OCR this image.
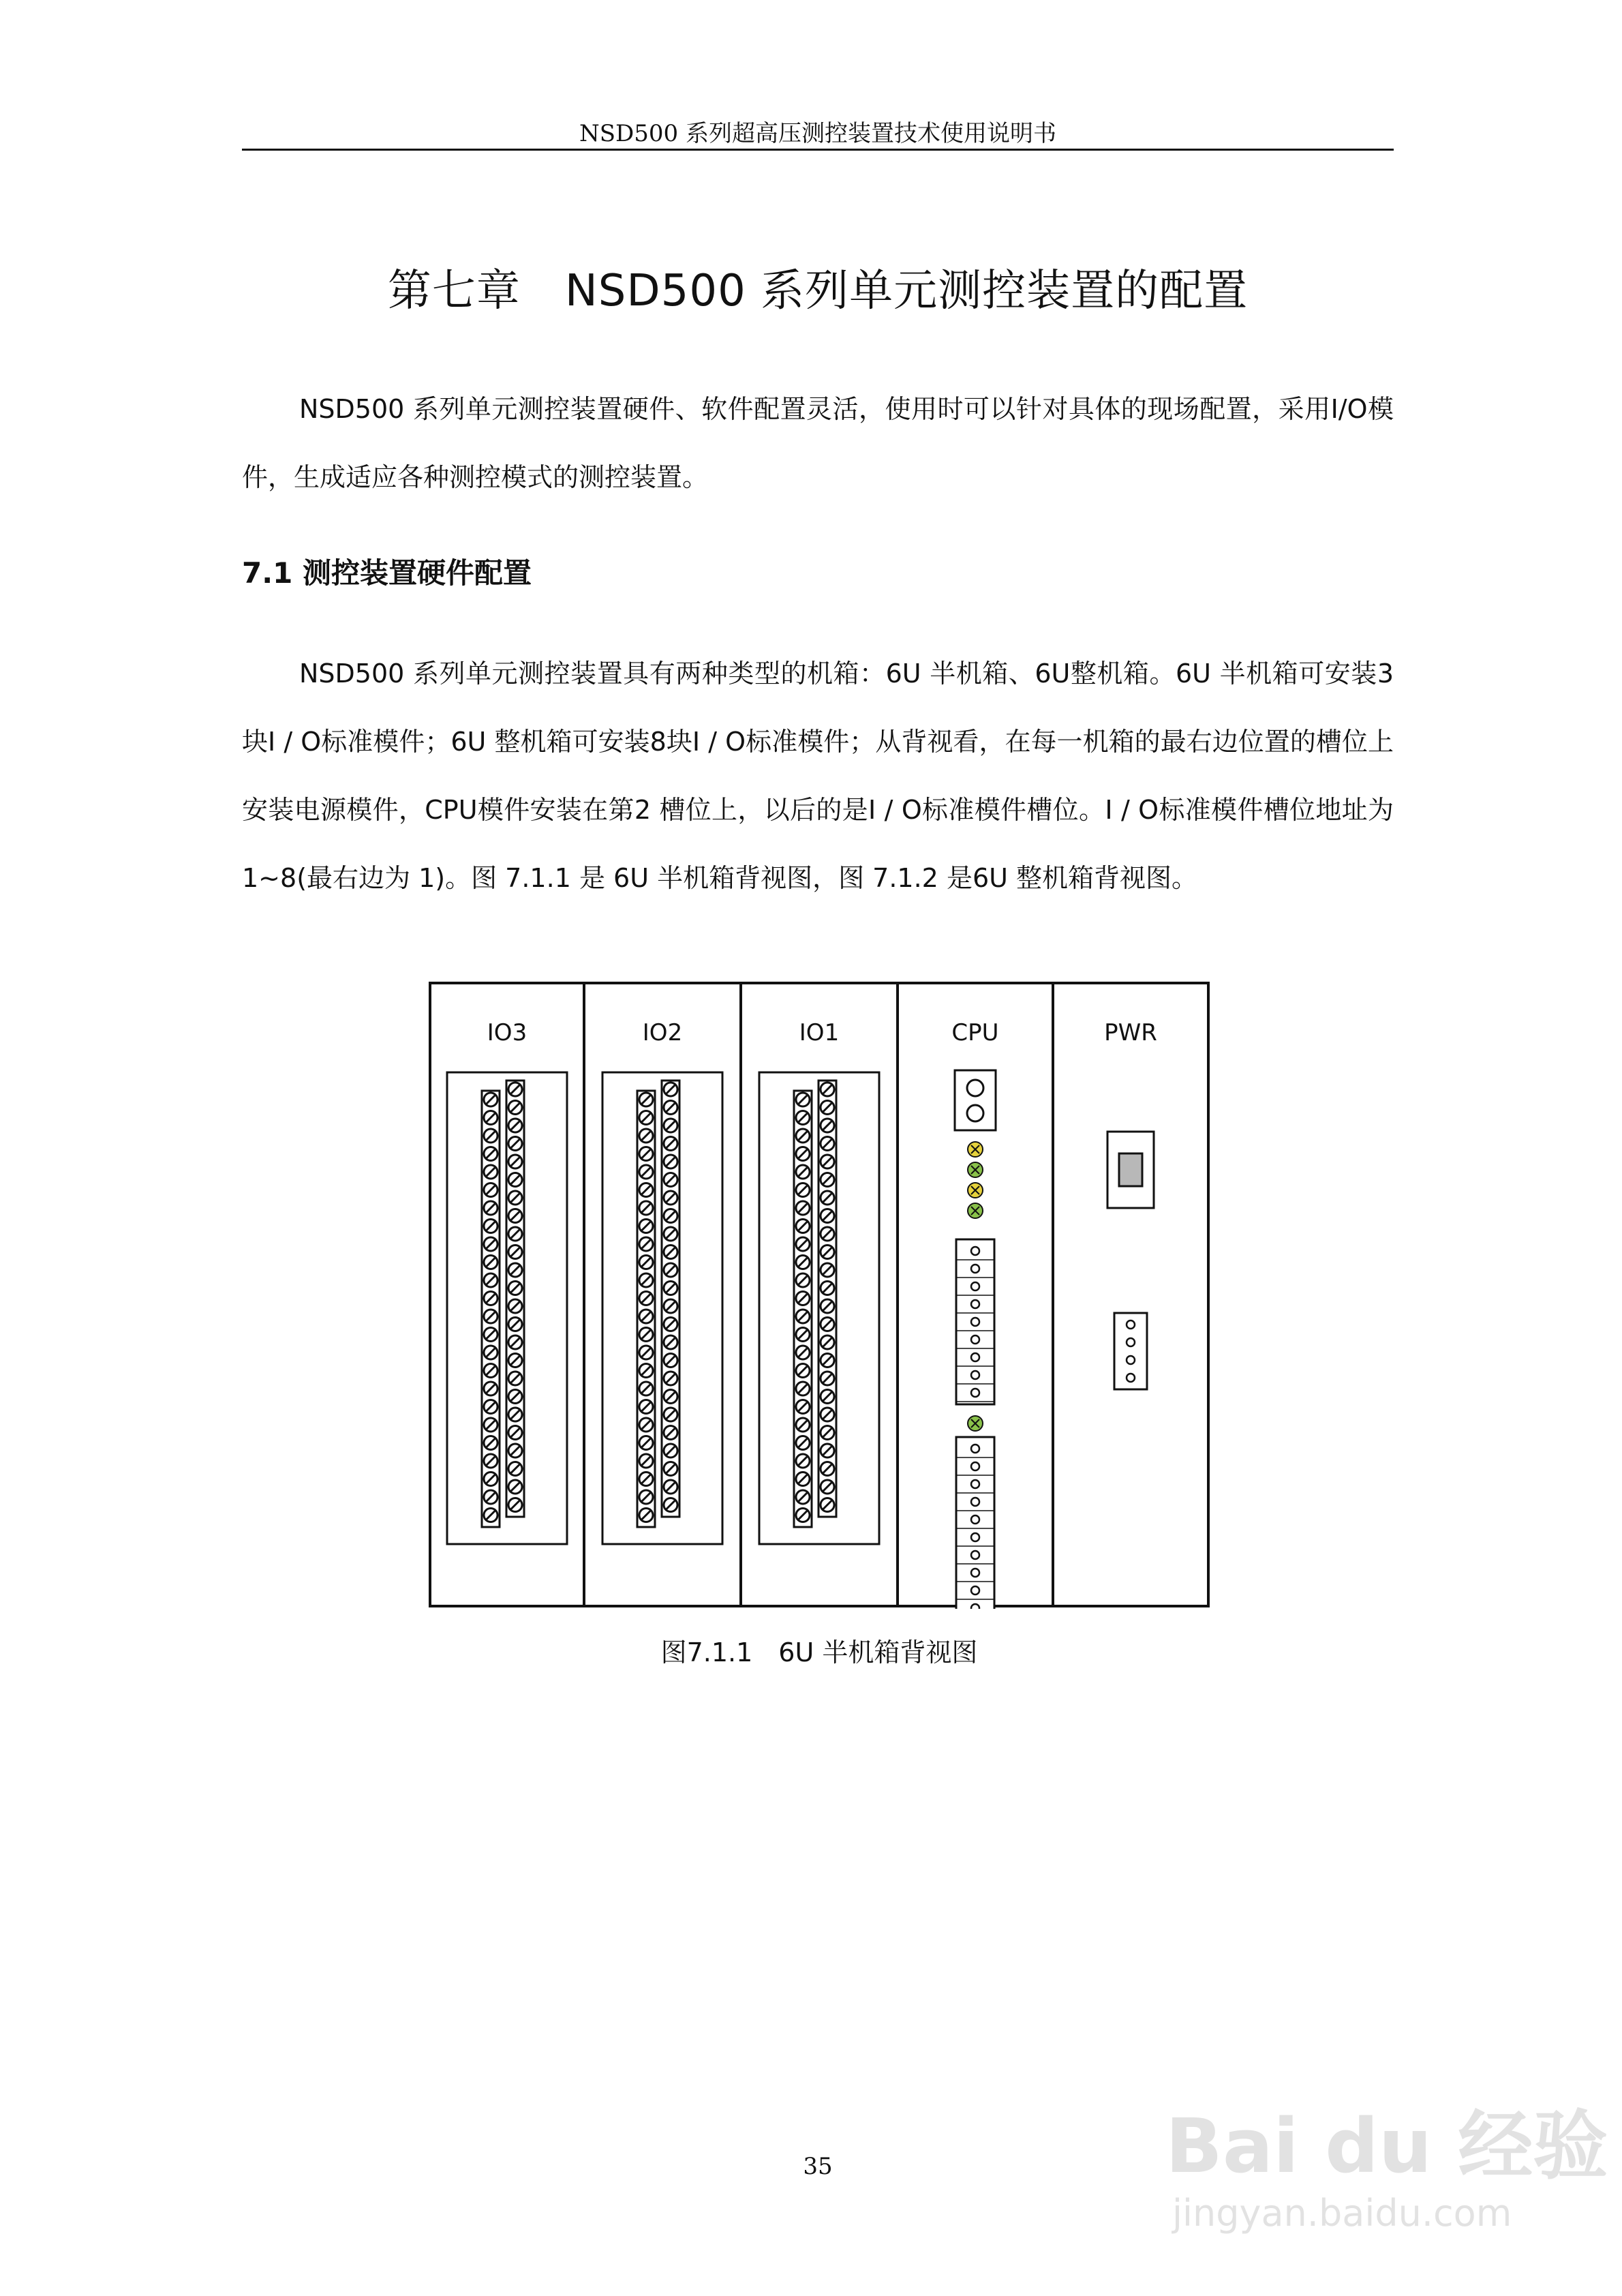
NSD500 系列超高压测控装置技术使用说明书
第七章　NSD500 系列单元测控装置的配置
NSD500 系列单元测控装置硬件、软件配置灵活，使用时可以针对具体的现场配置，采用I/O模件，生成适应各种测控模式的测控装置。
7.1 测控装置硬件配置
NSD500 系列单元测控装置具有两种类型的机箱：6U 半机箱、6U整机箱。6U 半机箱可安装3块I / O标准模件；6U 整机箱可安装8块I / O标准模件；从背视看，在每一机箱的最右边位置的槽位上安装电源模件，CPU模件安装在第2 槽位上，以后的是I / O标准模件槽位。I / O标准模件槽位地址为 1~8(最右边为 1)。图 7.1.1 是 6U 半机箱背视图，图 7.1.2 是6U 整机箱背视图。
IO3	IO2	IO1	CPU	PWR
图7.1.1　6U 半机箱背视图
35	Bai du 经验
jingyan.baidu.com
